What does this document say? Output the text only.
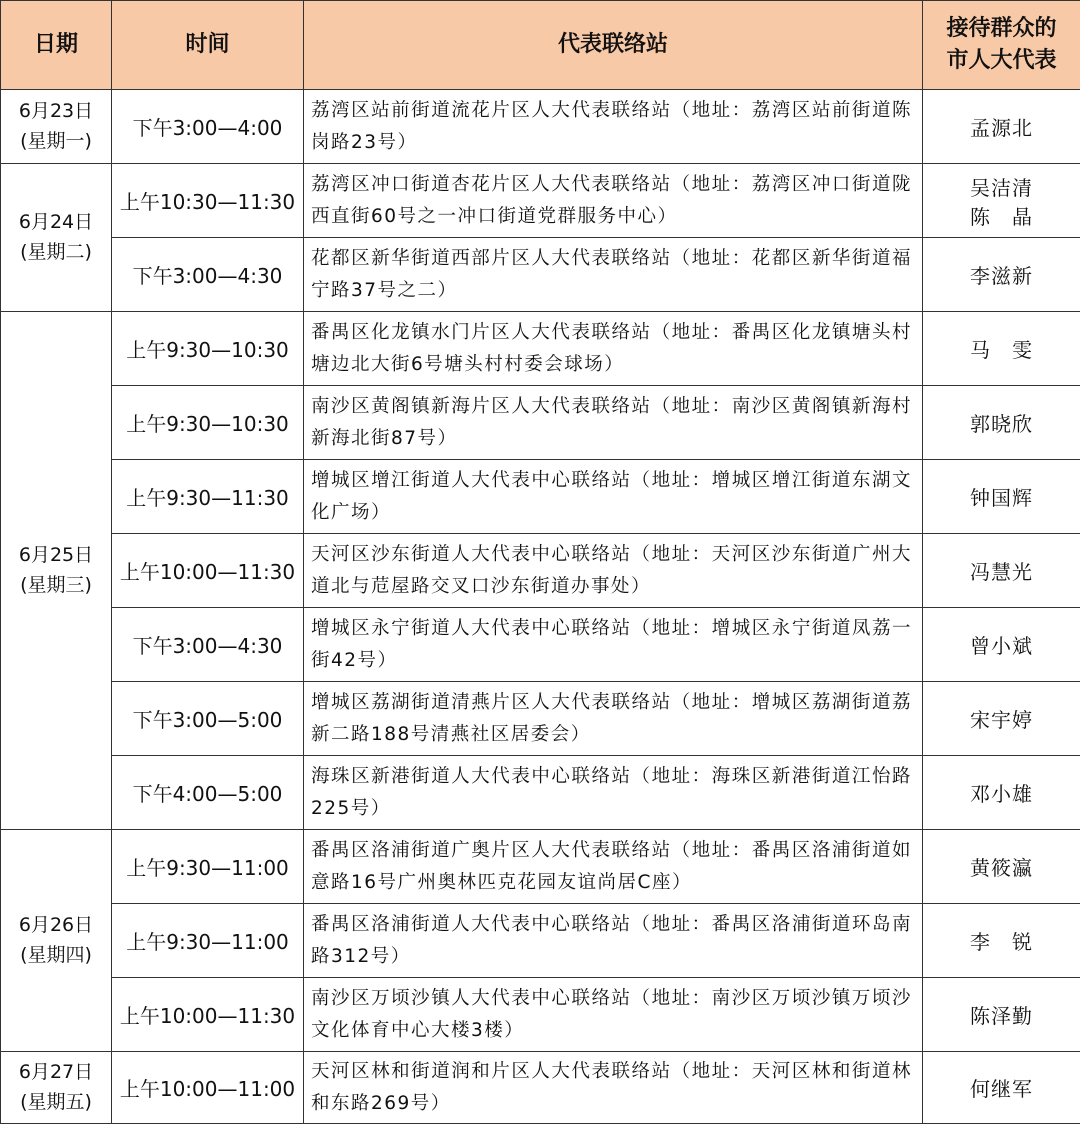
日期	时间	代表联络站	接待群众的
市人大代表

6月23日
(星期一)	下午3:00—4:00	荔湾区站前街道流花片区人大代表联络站（地址：荔湾区站前街道陈岗路23号）	孟源北

6月24日
(星期二)	上午10:30—11:30	荔湾区冲口街道杏花片区人大代表联络站（地址：荔湾区冲口街道陇西直街60号之一冲口街道党群服务中心）	吴洁清
陈　晶

	下午3:00—4:30	花都区新华街道西部片区人大代表联络站（地址：花都区新华街道福宁路37号之二）	李滋新

6月25日
(星期三)	上午9:30—10:30	番禺区化龙镇水门片区人大代表联络站（地址：番禺区化龙镇塘头村塘边北大街6号塘头村村委会球场）	马　雯

	上午9:30—10:30	南沙区黄阁镇新海片区人大代表联络站（地址：南沙区黄阁镇新海村新海北街87号）	郭晓欣

	上午9:30—11:30	增城区增江街道人大代表中心联络站（地址：增城区增江街道东湖文化广场）	钟国辉

	上午10:00—11:30	天河区沙东街道人大代表中心联络站（地址：天河区沙东街道广州大道北与苊屋路交叉口沙东街道办事处）	冯慧光

	下午3:00—4:30	增城区永宁街道人大代表中心联络站（地址：增城区永宁街道凤荔一街42号）	曾小斌

	下午3:00—5:00	增城区荔湖街道清燕片区人大代表联络站（地址：增城区荔湖街道荔新二路188号清燕社区居委会）	宋宇婷

	下午4:00—5:00	海珠区新港街道人大代表中心联络站（地址：海珠区新港街道江怡路225号）	邓小雄

6月26日
(星期四)	上午9:30—11:00	番禺区洛浦街道广奥片区人大代表联络站（地址：番禺区洛浦街道如意路16号广州奥林匹克花园友谊尚居C座）	黄筱瀛

	上午9:30—11:00	番禺区洛浦街道人大代表中心联络站（地址：番禺区洛浦街道环岛南路312号）	李　锐

	上午10:00—11:30	南沙区万顷沙镇人大代表中心联络站（地址：南沙区万顷沙镇万顷沙文化体育中心大楼3楼）	陈泽勤

6月27日
(星期五)	上午10:00—11:00	天河区林和街道润和片区人大代表联络站（地址：天河区林和街道林和东路269号）	何继军
